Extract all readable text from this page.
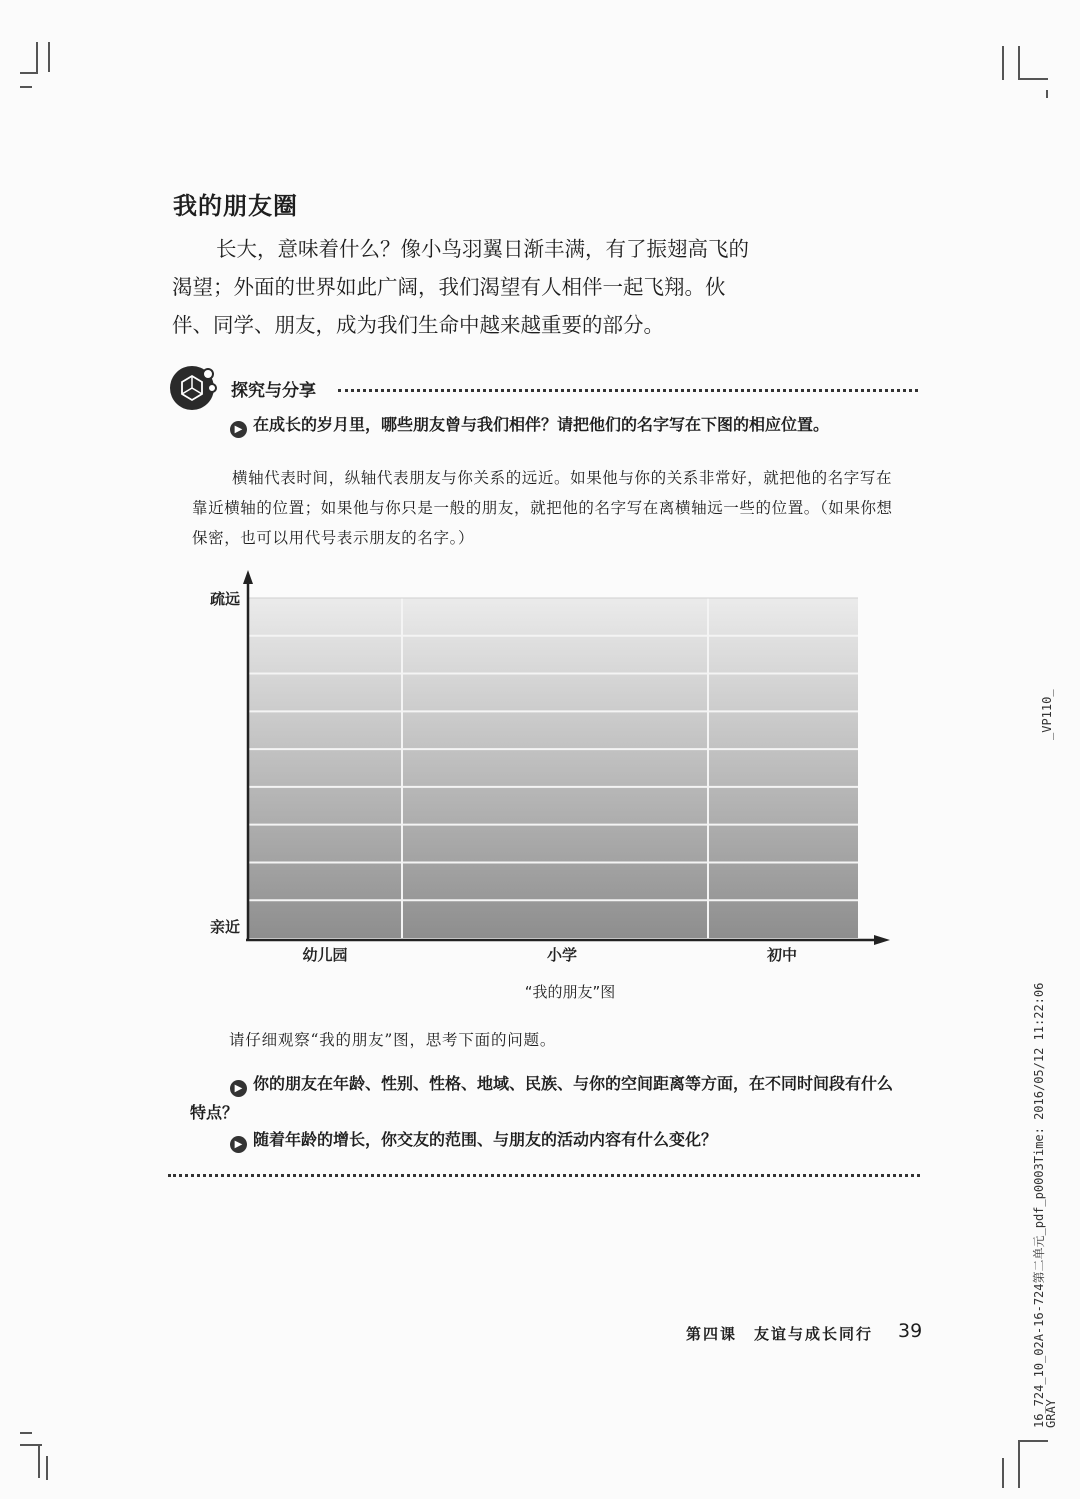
我的朋友圈
长大，意味着什么？像小鸟羽翼日渐丰满，有了振翅高飞的渴望；外面的世界如此广阔，我们渴望有人相伴一起飞翔。伙伴、同学、朋友，成为我们生命中越来越重要的部分。
探究与分享
▶ 在成长的岁月里，哪些朋友曾与我们相伴？请把他们的名字写在下图的相应位置。
横轴代表时间，纵轴代表朋友与你关系的远近。如果他与你的关系非常好，就把他的名字写在靠近横轴的位置；如果他与你只是一般的朋友，就把他的名字写在离横轴远一些的位置。（如果你想保密，也可以用代号表示朋友的名字。）
疏远
亲近
幼儿园	小学	初中
“我的朋友”图
请仔细观察“我的朋友”图，思考下面的问题。
▶ 你的朋友在年龄、性别、性格、地域、民族、与你的空间距离等方面，在不同时间段有什么特点？
▶ 随着年龄的增长，你交友的范围、与朋友的活动内容有什么变化？
第四课　友谊与成长同行 39
_VP110_
16_724_10_02A-16-724第二单元_pdf_p0003Time: 2016/05/12 11:22:06
GRAY
